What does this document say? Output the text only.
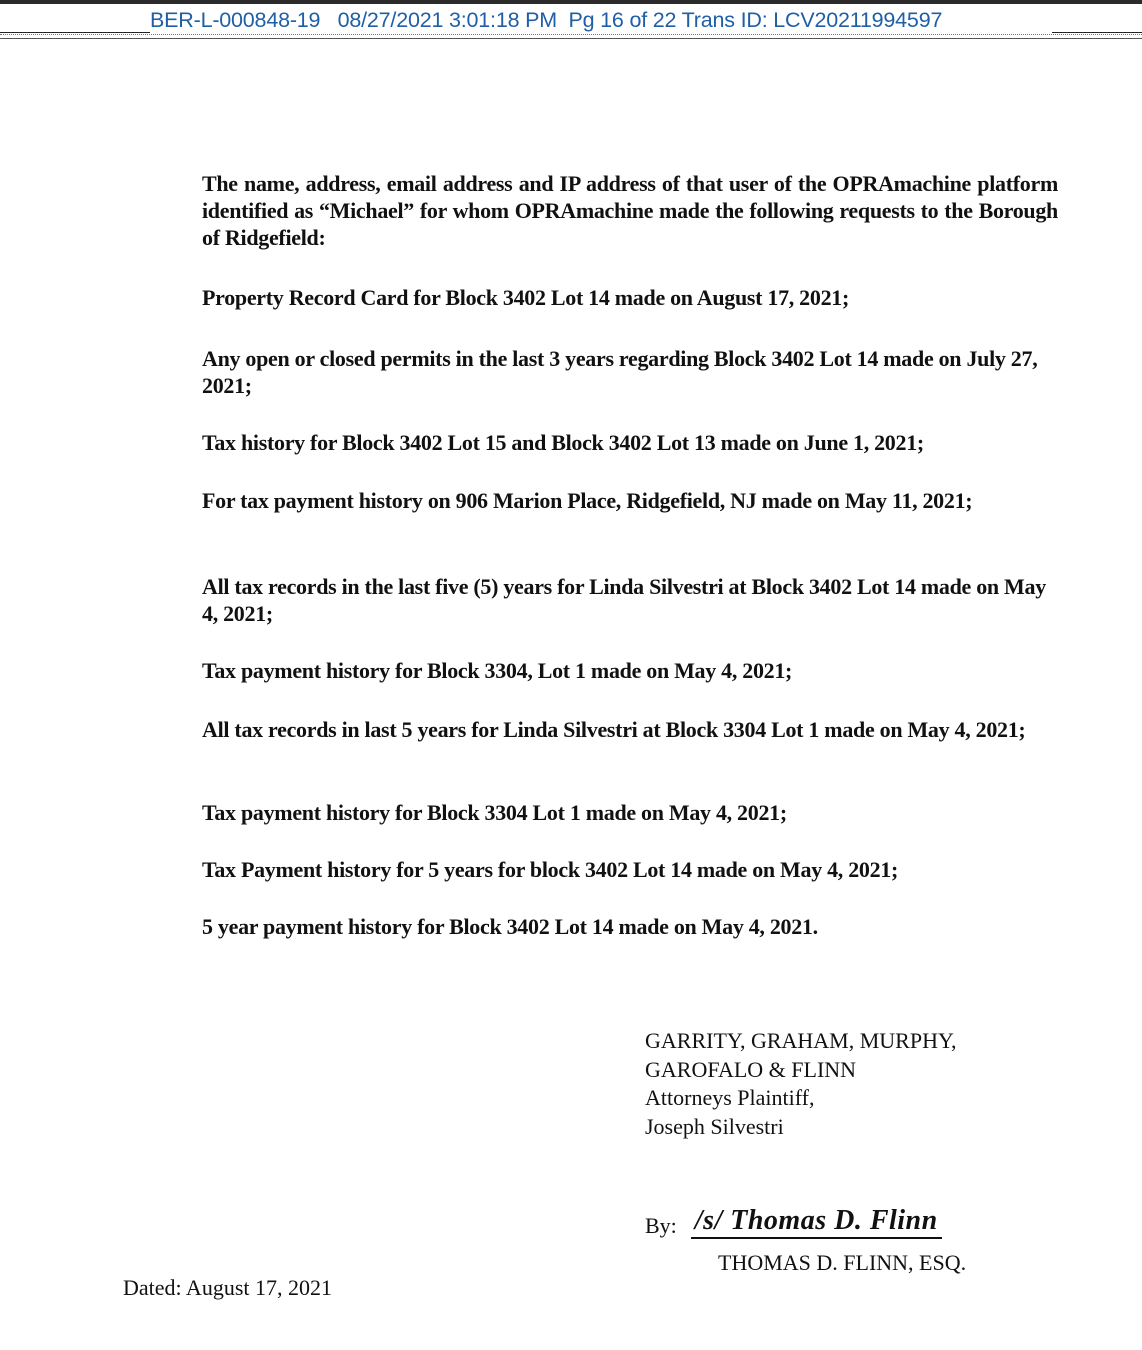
BER-L-000848-19   08/27/2021 3:01:18 PM  Pg 16 of 22 Trans ID: LCV20211994597
The name, address, email address and IP address of that user of the OPRAmachine platform identified as “Michael” for whom OPRAmachine made the following requests to the Borough of Ridgefield:
Property Record Card for Block 3402 Lot 14 made on August 17, 2021;
Any open or closed permits in the last 3 years regarding Block 3402 Lot 14 made on July 27, 2021;
Tax history for Block 3402 Lot 15 and Block 3402 Lot 13 made on June 1, 2021;
For tax payment history on 906 Marion Place, Ridgefield, NJ made on May 11, 2021;
All tax records in the last five (5) years for Linda Silvestri at Block 3402 Lot 14 made on May 4, 2021;
Tax payment history for Block 3304, Lot 1 made on May 4, 2021;
All tax records in last 5 years for Linda Silvestri at Block 3304 Lot 1 made on May 4, 2021;
Tax payment history for Block 3304 Lot 1 made on May 4, 2021;
Tax Payment history for 5 years for block 3402 Lot 14 made on May 4, 2021;
5 year payment history for Block 3402 Lot 14 made on May 4, 2021.
GARRITY, GRAHAM, MURPHY,
GAROFALO & FLINN
Attorneys Plaintiff,
Joseph Silvestri
By: /s/ Thomas D. Flinn
THOMAS D. FLINN, ESQ.
Dated: August 17, 2021
